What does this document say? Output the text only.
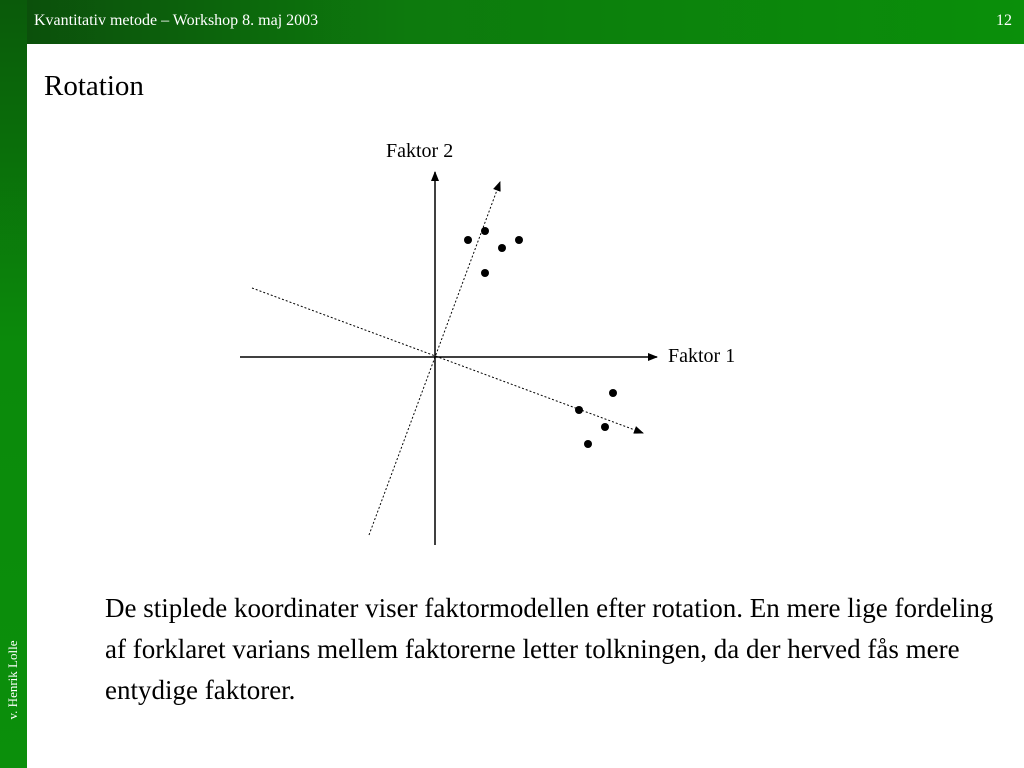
Kvantitativ metode – Workshop 8. maj 2003	12
v. Henrik Lolle
Rotation
Faktor 2
Faktor 1
De stiplede koordinater viser faktormodellen efter rotation. En mere lige fordeling af forklaret varians mellem faktorerne letter tolkningen, da der herved fås mere entydige faktorer.
